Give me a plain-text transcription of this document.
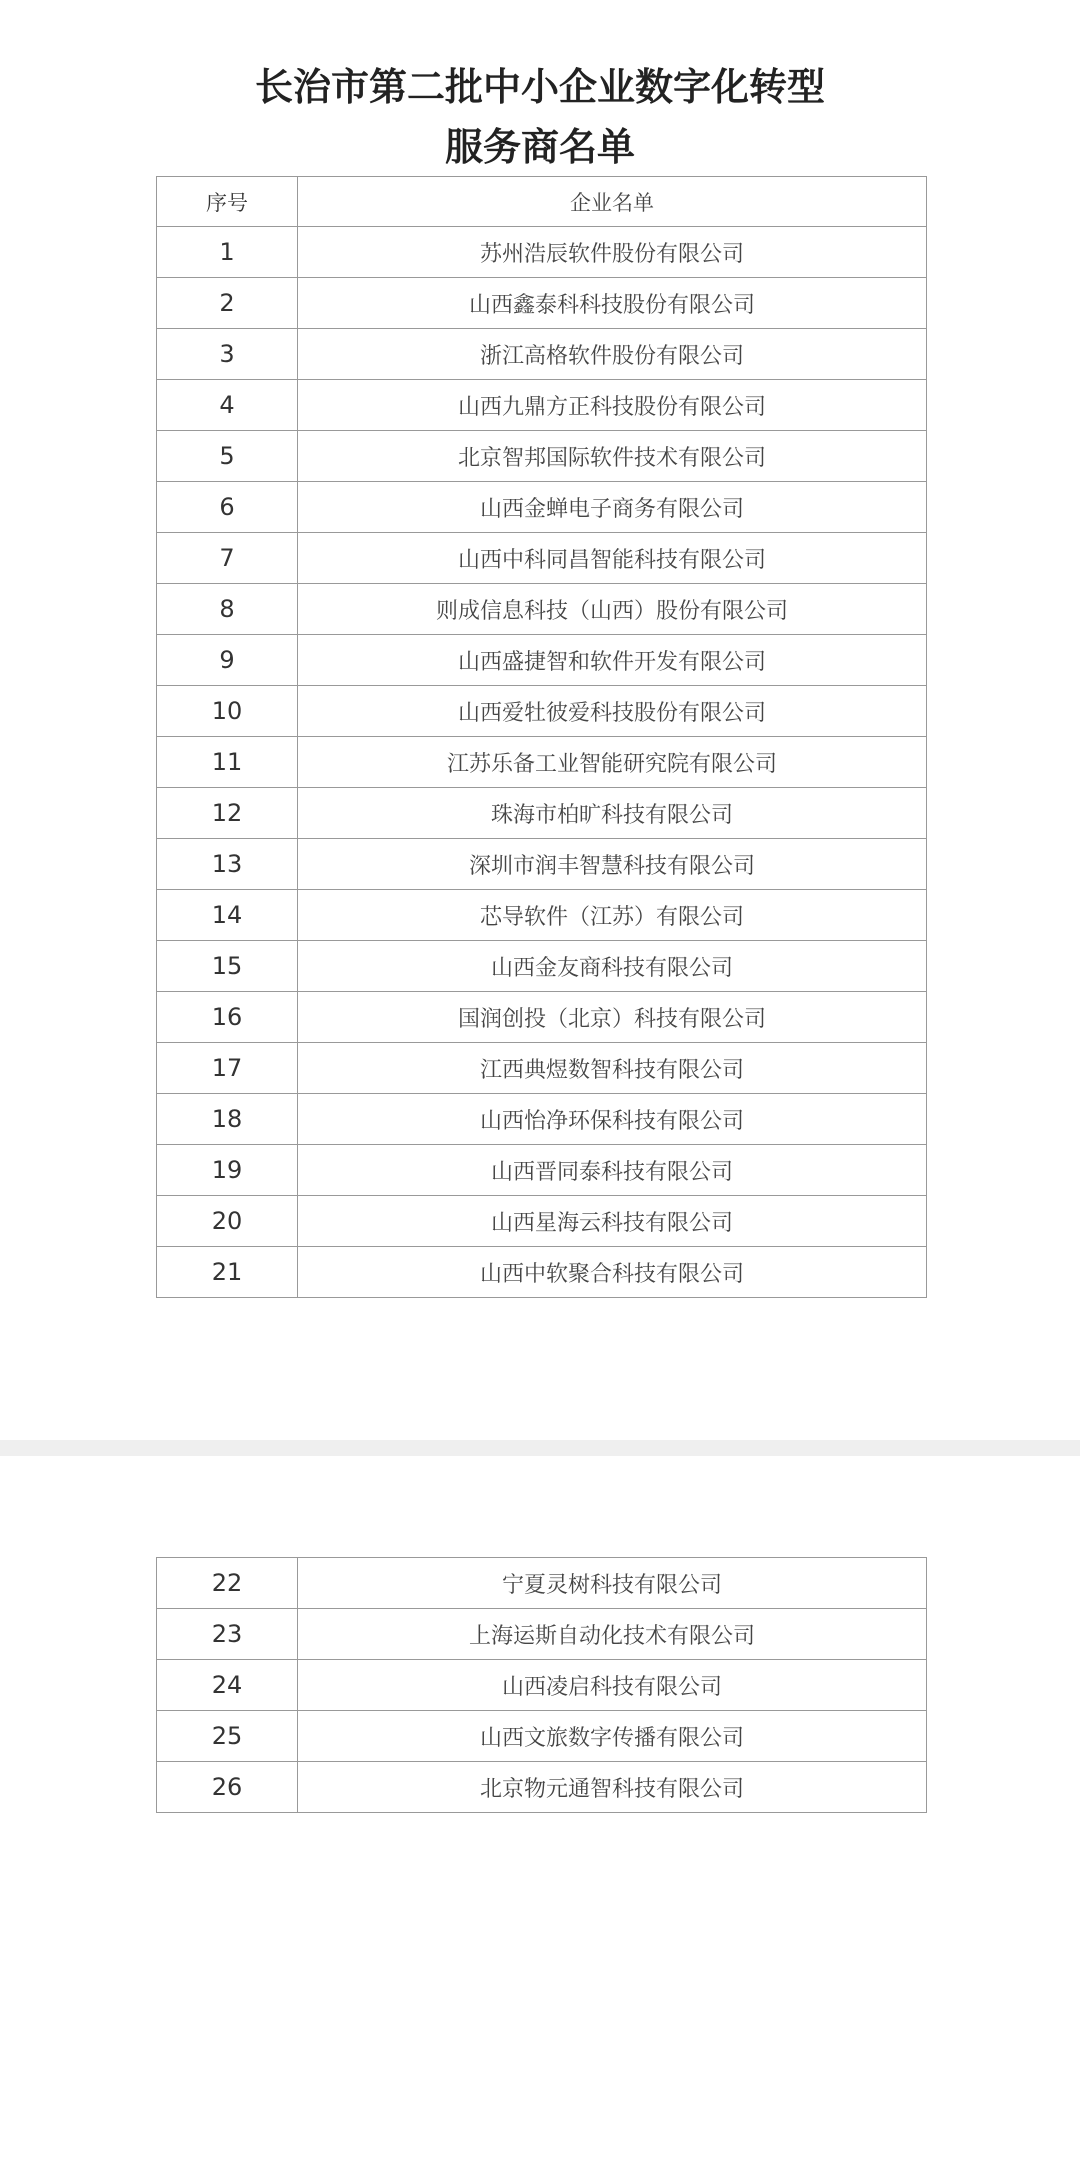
长治市第二批中小企业数字化转型
服务商名单
序号	企业名单
1	苏州浩辰软件股份有限公司
2	山西鑫泰科科技股份有限公司
3	浙江高格软件股份有限公司
4	山西九鼎方正科技股份有限公司
5	北京智邦国际软件技术有限公司
6	山西金蝉电子商务有限公司
7	山西中科同昌智能科技有限公司
8	则成信息科技（山西）股份有限公司
9	山西盛捷智和软件开发有限公司
10	山西爱牡彼爱科技股份有限公司
11	江苏乐备工业智能研究院有限公司
12	珠海市柏旷科技有限公司
13	深圳市润丰智慧科技有限公司
14	芯导软件（江苏）有限公司
15	山西金友商科技有限公司
16	国润创投（北京）科技有限公司
17	江西典煜数智科技有限公司
18	山西怡净环保科技有限公司
19	山西晋同泰科技有限公司
20	山西星海云科技有限公司
21	山西中软聚合科技有限公司
22	宁夏灵树科技有限公司
23	上海运斯自动化技术有限公司
24	山西凌启科技有限公司
25	山西文旅数字传播有限公司
26	北京物元通智科技有限公司
